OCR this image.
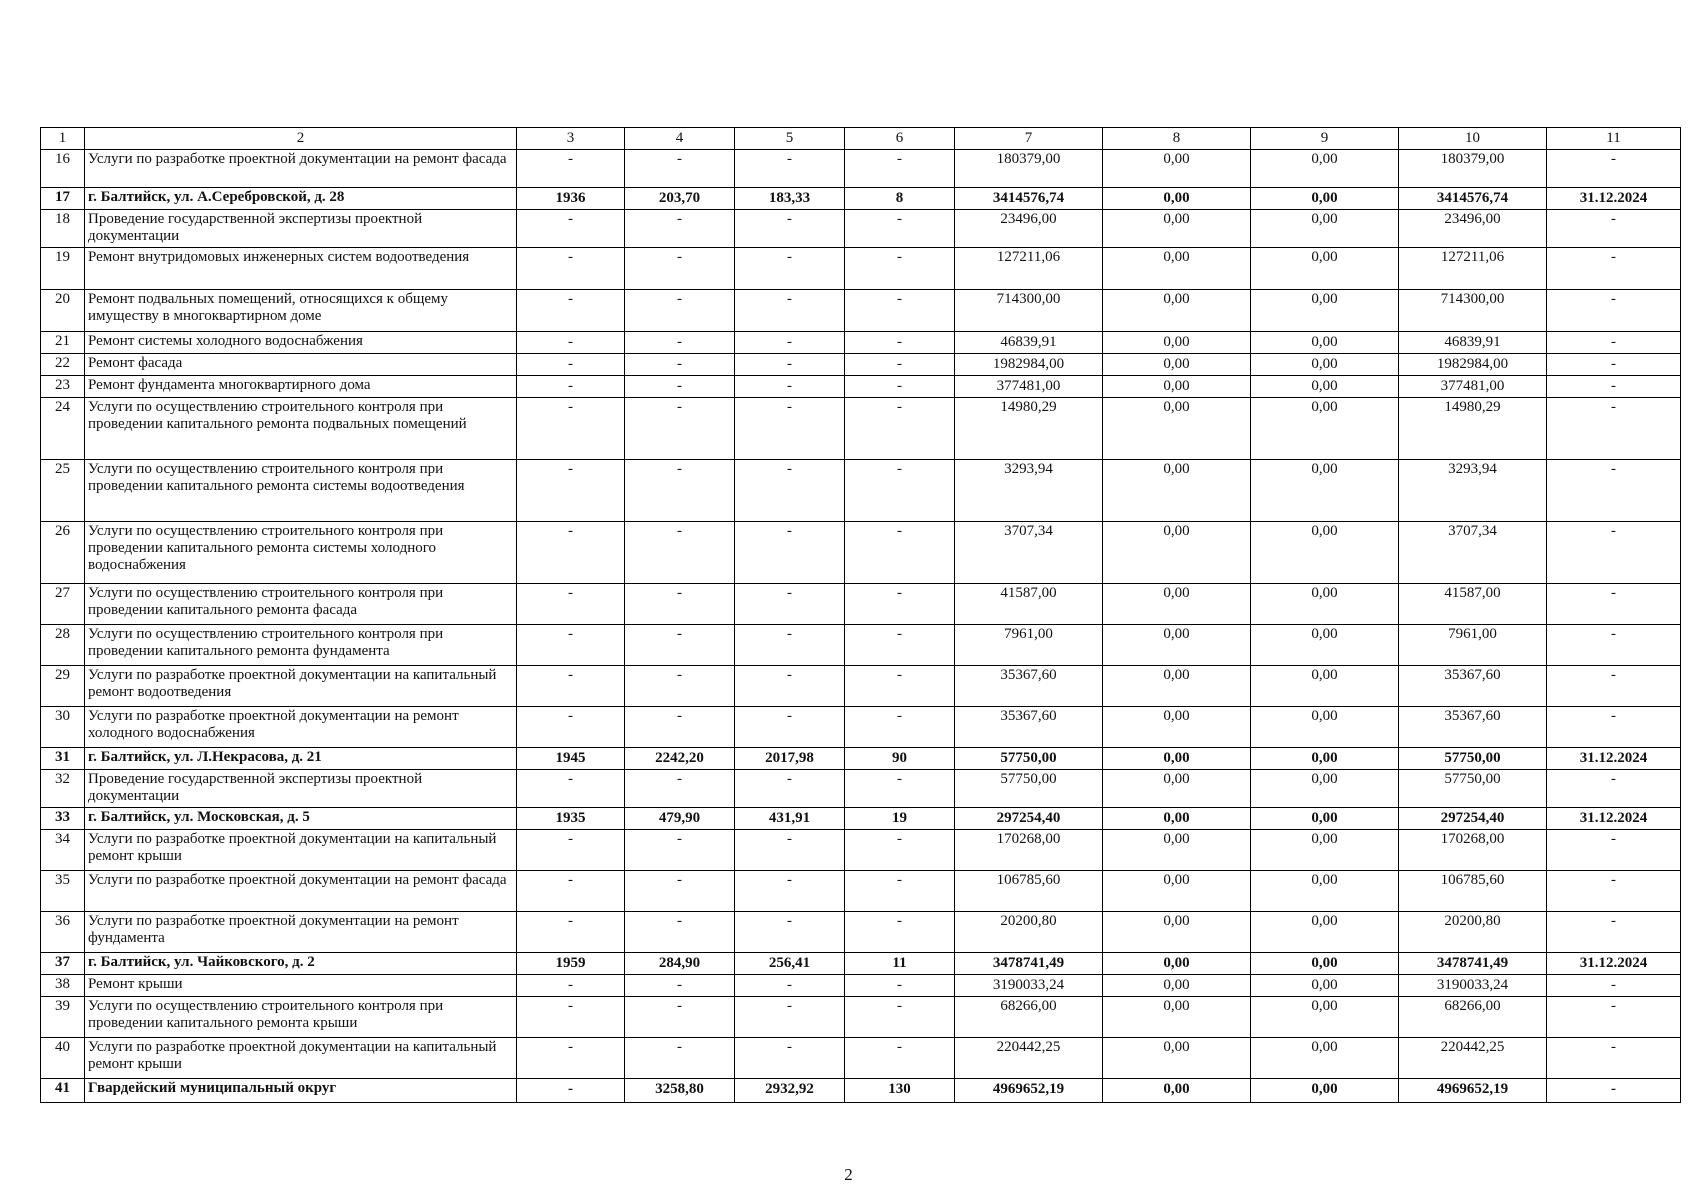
1	2	3	4	5	6	7	8	9	10	11
16	Услуги по разработке проектной документации на ремонт фасада	-	-	-	-	180379,00	0,00	0,00	180379,00	-
17	г. Балтийск, ул. А.Серебровской, д. 28	1936	203,70	183,33	8	3414576,74	0,00	0,00	3414576,74	31.12.2024
18	Проведение государственной экспертизы проектной документации	-	-	-	-	23496,00	0,00	0,00	23496,00	-
19	Ремонт внутридомовых инженерных систем водоотведения	-	-	-	-	127211,06	0,00	0,00	127211,06	-
20	Ремонт подвальных помещений, относящихся к общему имуществу в многоквартирном доме	-	-	-	-	714300,00	0,00	0,00	714300,00	-
21	Ремонт системы холодного водоснабжения	-	-	-	-	46839,91	0,00	0,00	46839,91	-
22	Ремонт фасада	-	-	-	-	1982984,00	0,00	0,00	1982984,00	-
23	Ремонт фундамента многоквартирного дома	-	-	-	-	377481,00	0,00	0,00	377481,00	-
24	Услуги по осуществлению строительного контроля при проведении капитального ремонта подвальных помещений	-	-	-	-	14980,29	0,00	0,00	14980,29	-
25	Услуги по осуществлению строительного контроля при проведении капитального ремонта системы водоотведения	-	-	-	-	3293,94	0,00	0,00	3293,94	-
26	Услуги по осуществлению строительного контроля при проведении капитального ремонта системы холодного водоснабжения	-	-	-	-	3707,34	0,00	0,00	3707,34	-
27	Услуги по осуществлению строительного контроля при проведении капитального ремонта фасада	-	-	-	-	41587,00	0,00	0,00	41587,00	-
28	Услуги по осуществлению строительного контроля при проведении капитального ремонта фундамента	-	-	-	-	7961,00	0,00	0,00	7961,00	-
29	Услуги по разработке проектной документации на капитальный ремонт водоотведения	-	-	-	-	35367,60	0,00	0,00	35367,60	-
30	Услуги по разработке проектной документации на ремонт холодного водоснабжения	-	-	-	-	35367,60	0,00	0,00	35367,60	-
31	г. Балтийск, ул. Л.Некрасова, д. 21	1945	2242,20	2017,98	90	57750,00	0,00	0,00	57750,00	31.12.2024
32	Проведение государственной экспертизы проектной документации	-	-	-	-	57750,00	0,00	0,00	57750,00	-
33	г. Балтийск, ул. Московская, д. 5	1935	479,90	431,91	19	297254,40	0,00	0,00	297254,40	31.12.2024
34	Услуги по разработке проектной документации на капитальный ремонт крыши	-	-	-	-	170268,00	0,00	0,00	170268,00	-
35	Услуги по разработке проектной документации на ремонт фасада	-	-	-	-	106785,60	0,00	0,00	106785,60	-
36	Услуги по разработке проектной документации на ремонт фундамента	-	-	-	-	20200,80	0,00	0,00	20200,80	-
37	г. Балтийск, ул. Чайковского, д. 2	1959	284,90	256,41	11	3478741,49	0,00	0,00	3478741,49	31.12.2024
38	Ремонт крыши	-	-	-	-	3190033,24	0,00	0,00	3190033,24	-
39	Услуги по осуществлению строительного контроля при проведении капитального ремонта крыши	-	-	-	-	68266,00	0,00	0,00	68266,00	-
40	Услуги по разработке проектной документации на капитальный ремонт крыши	-	-	-	-	220442,25	0,00	0,00	220442,25	-
41	Гвардейский муниципальный округ	-	3258,80	2932,92	130	4969652,19	0,00	0,00	4969652,19	-
2
